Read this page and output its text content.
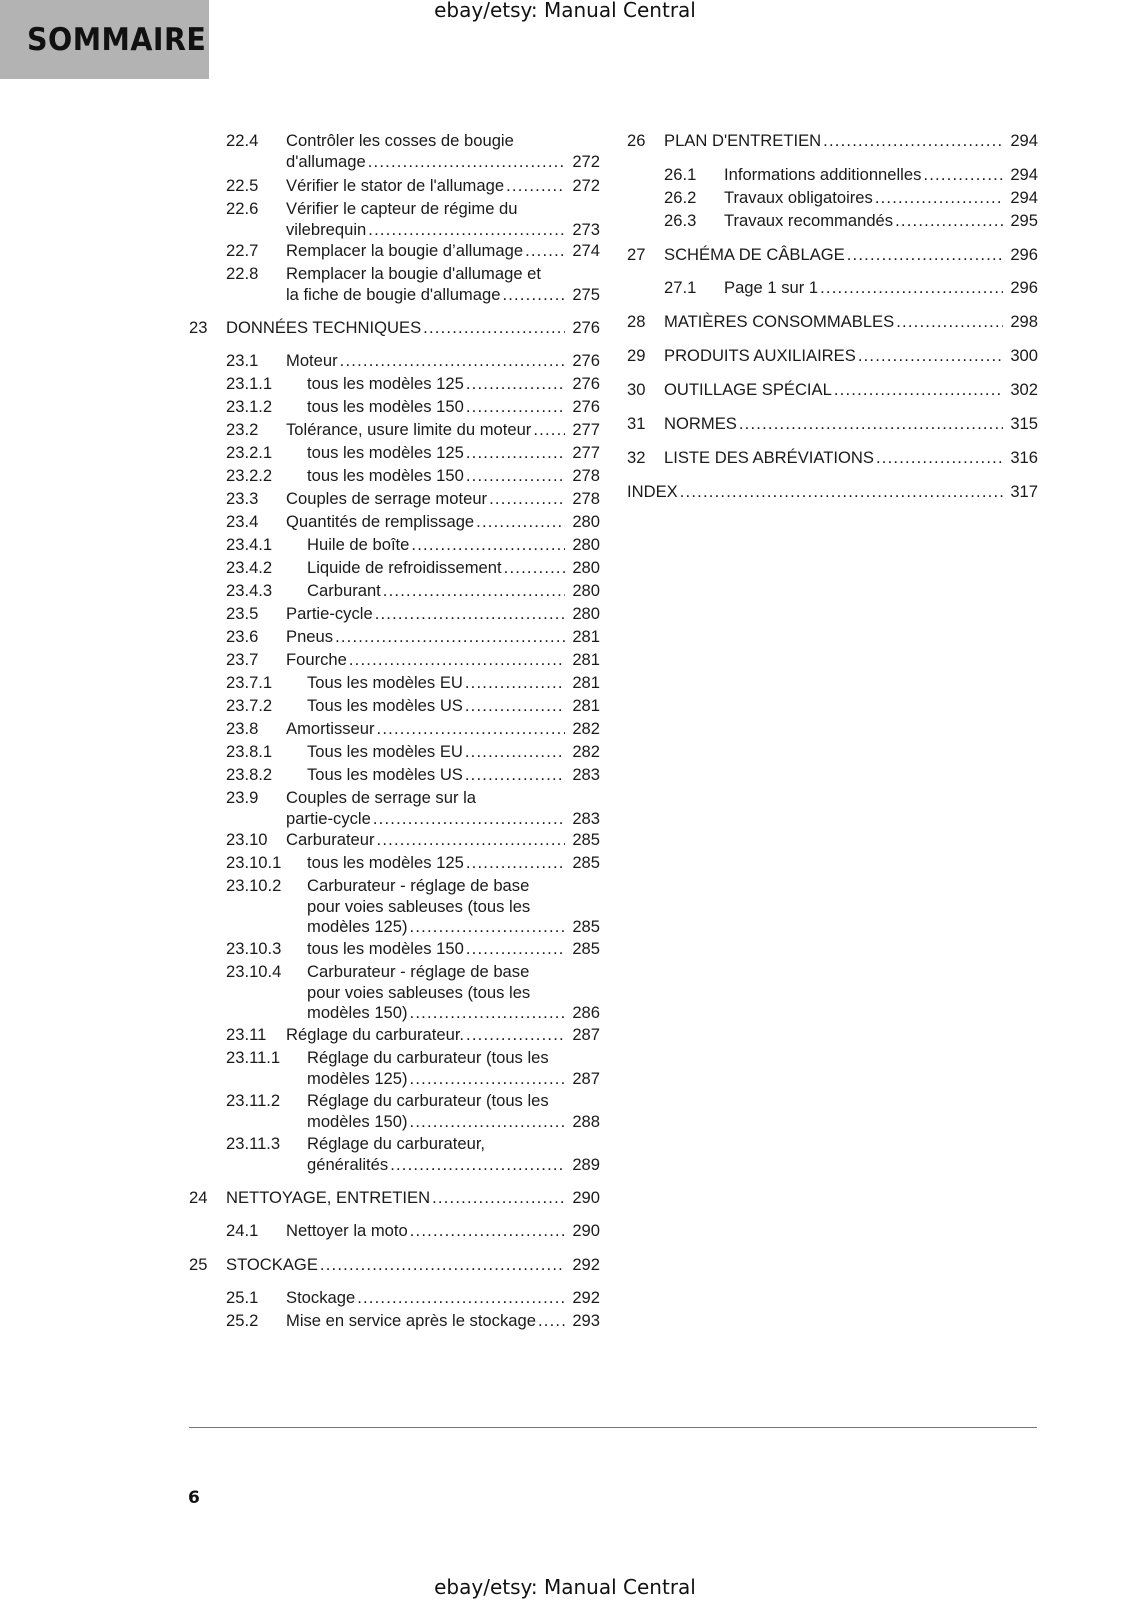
SOMMAIRE
ebay/etsy: Manual Central
22.4 Contrôler les cosses de bougie
d'allumage .....	272
22.5 Vérifier le stator de l'allumage .....	272
22.6 Vérifier le capteur de régime du
vilebrequin .....	273
22.7 Remplacer la bougie d’allumage .....	274
22.8 Remplacer la bougie d'allumage et
la fiche de bougie d'allumage .....	275
23 DONNÉES TECHNIQUES .....	276
23.1 Moteur .....	276
23.1.1 tous les modèles 125 .....	276
23.1.2 tous les modèles 150 .....	276
23.2 Tolérance, usure limite du moteur ..... 277
23.2.1 tous les modèles 125 .....	277
23.2.2 tous les modèles 150 .....	278
23.3 Couples de serrage moteur .....	278
23.4 Quantités de remplissage .....	280
23.4.1 Huile de boîte .....	280
23.4.2 Liquide de refroidissement .....	280
23.4.3 Carburant .....	280
23.5 Partie-cycle .....	280
23.6 Pneus .....	281
23.7 Fourche .....	281
23.7.1 Tous les modèles EU .....	281
23.7.2 Tous les modèles US .....	281
23.8 Amortisseur .....	282
23.8.1 Tous les modèles EU .....	282
23.8.2 Tous les modèles US .....	283
23.9 Couples de serrage sur la
partie-cycle .....	283
23.10 Carburateur .....	285
23.10.1 tous les modèles 125 .....	285
23.10.2 Carburateur - réglage de base
pour voies sableuses (tous les
modèles 125) .....	285
23.10.3 tous les modèles 150 .....	285
23.10.4 Carburateur - réglage de base
pour voies sableuses (tous les
modèles 150) .....	286
23.11 Réglage du carburateur. .....	287
23.11.1 Réglage du carburateur (tous les
modèles 125) .....	287
23.11.2 Réglage du carburateur (tous les
modèles 150) .....	288
23.11.3 Réglage du carburateur,
généralités .....	289
24 NETTOYAGE, ENTRETIEN .....	290
24.1 Nettoyer la moto .....	290
25 STOCKAGE .....	292
25.1 Stockage .....	292
25.2 Mise en service après le stockage ..... 293
26 PLAN D'ENTRETIEN .....	294
26.1 Informations additionnelles .....	294
26.2 Travaux obligatoires .....	294
26.3 Travaux recommandés .....	295
27 SCHÉMA DE CÂBLAGE .....	296
27.1 Page 1 sur 1 .....	296
28 MATIÈRES CONSOMMABLES .....	298
29 PRODUITS AUXILIAIRES .....	300
30 OUTILLAGE SPÉCIAL .....	302
31 NORMES .....	315
32 LISTE DES ABRÉVIATIONS .....	316
INDEX .....	317
6
ebay/etsy: Manual Central
